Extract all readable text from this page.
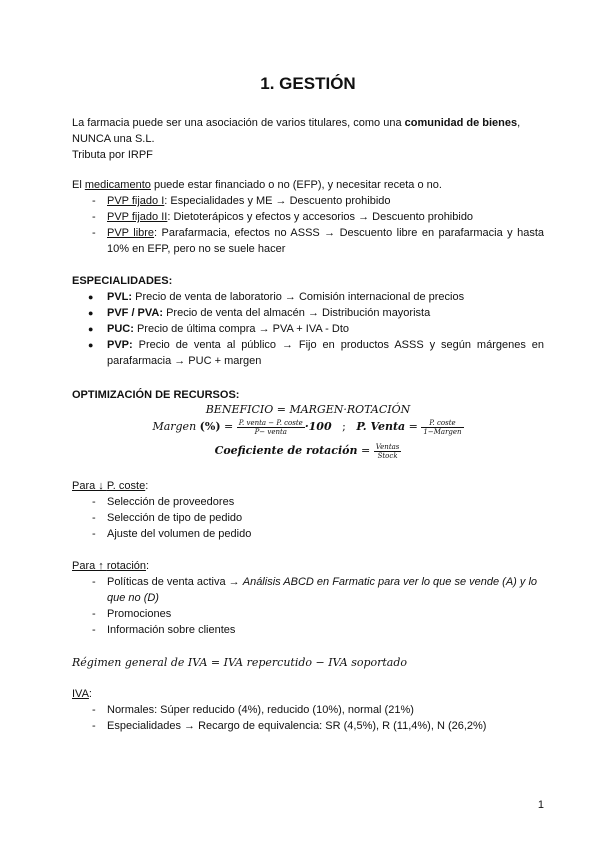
1. GESTIÓN
La farmacia puede ser una asociación de varios titulares, como una comunidad de bienes,
NUNCA una S.L.
Tributa por IRPF
El medicamento puede estar financiado o no (EFP), y necesitar receta o no.
- PVP fijado I: Especialidades y ME → Descuento prohibido
- PVP fijado II: Dietoterápicos y efectos y accesorios → Descuento prohibido
- PVP libre: Parafarmacia, efectos no ASSS → Descuento libre en parafarmacia y hasta 10% en EFP, pero no se suele hacer
ESPECIALIDADES:
● PVL: Precio de venta de laboratorio → Comisión internacional de precios
● PVF / PVA: Precio de venta del almacén → Distribución mayorista
● PUC: Precio de última compra → PVA + IVA - Dto
● PVP: Precio de venta al público → Fijo en productos ASSS y según márgenes en parafarmacia → PUC + margen
OPTIMIZACIÓN DE RECURSOS:
BENEFICIO = MARGEN·ROTACIÓN
Margen (%) = $\frac{\text{P. venta − P. coste}}{\text{P− venta}} \cdot 100$ ; P. Venta = $\frac{\text{P. coste}}{\text{1−Margen}}$
Coeficiente de rotación = $\frac{\text{Ventas}}{\text{Stock}}$
Para ↓ P. coste:
- Selección de proveedores
- Selección de tipo de pedido
- Ajuste del volumen de pedido
Para ↑ rotación:
- Políticas de venta activa → Análisis ABCD en Farmatic para ver lo que se vende (A) y lo que no (D)
- Promociones
- Información sobre clientes
Régimen general de IVA = IVA repercutido − IVA soportado
IVA:
- Normales: Súper reducido (4%), reducido (10%), normal (21%)
- Especialidades → Recargo de equivalencia: SR (4,5%), R (11,4%), N (26,2%)
1
